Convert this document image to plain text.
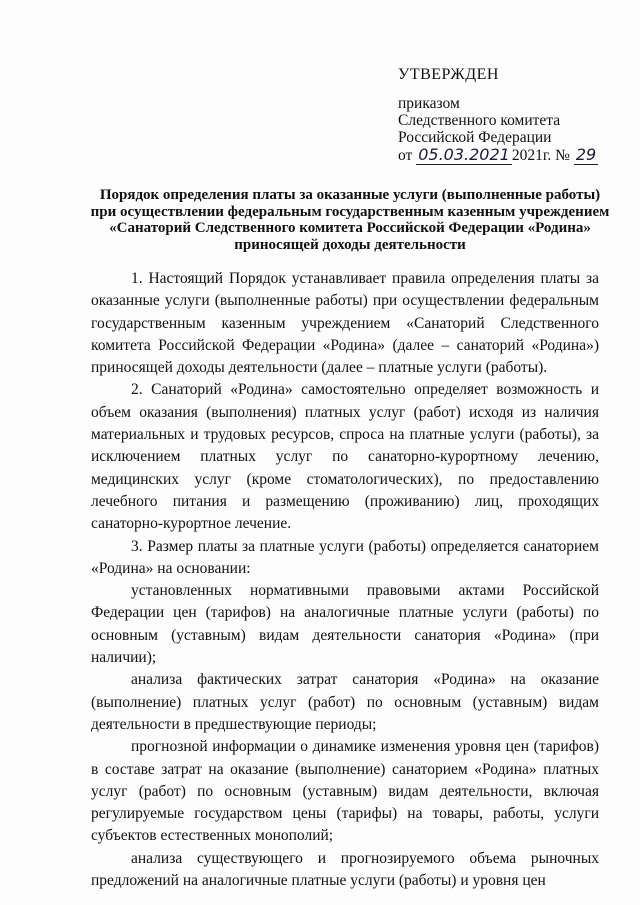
УТВЕРЖДЕН
приказом
Следственного комитета
Российской Федерации
от 05.03.2021 2021г. № 29
Порядок определения платы за оказанные услуги (выполненные работы) при осуществлении федеральным государственным казенным учреждением «Санаторий Следственного комитета Российской Федерации «Родина» приносящей доходы деятельности

1. Настоящий Порядок устанавливает правила определения платы за оказанные услуги (выполненные работы) при осуществлении федеральным государственным казенным учреждением «Санаторий Следственного комитета Российской Федерации «Родина» (далее – санаторий «Родина») приносящей доходы деятельности (далее – платные услуги (работы).

2. Санаторий «Родина» самостоятельно определяет возможность и объем оказания (выполнения) платных услуг (работ) исходя из наличия материальных и трудовых ресурсов, спроса на платные услуги (работы), за исключением платных услуг по санаторно-курортному лечению, медицинских услуг (кроме стоматологических), по предоставлению лечебного питания и размещению (проживанию) лиц, проходящих санаторно-курортное лечение.

3. Размер платы за платные услуги (работы) определяется санаторием «Родина» на основании:

установленных нормативными правовыми актами Российской Федерации цен (тарифов) на аналогичные платные услуги (работы) по основным (уставным) видам деятельности санатория «Родина» (при наличии);

анализа фактических затрат санатория «Родина» на оказание (выполнение) платных услуг (работ) по основным (уставным) видам деятельности в предшествующие периоды;

прогнозной информации о динамике изменения уровня цен (тарифов) в составе затрат на оказание (выполнение) санаторием «Родина» платных услуг (работ) по основным (уставным) видам деятельности, включая регулируемые государством цены (тарифы) на товары, работы, услуги субъектов естественных монополий;

анализа существующего и прогнозируемого объема рыночных предложений на аналогичные платные услуги (работы) и уровня цен
